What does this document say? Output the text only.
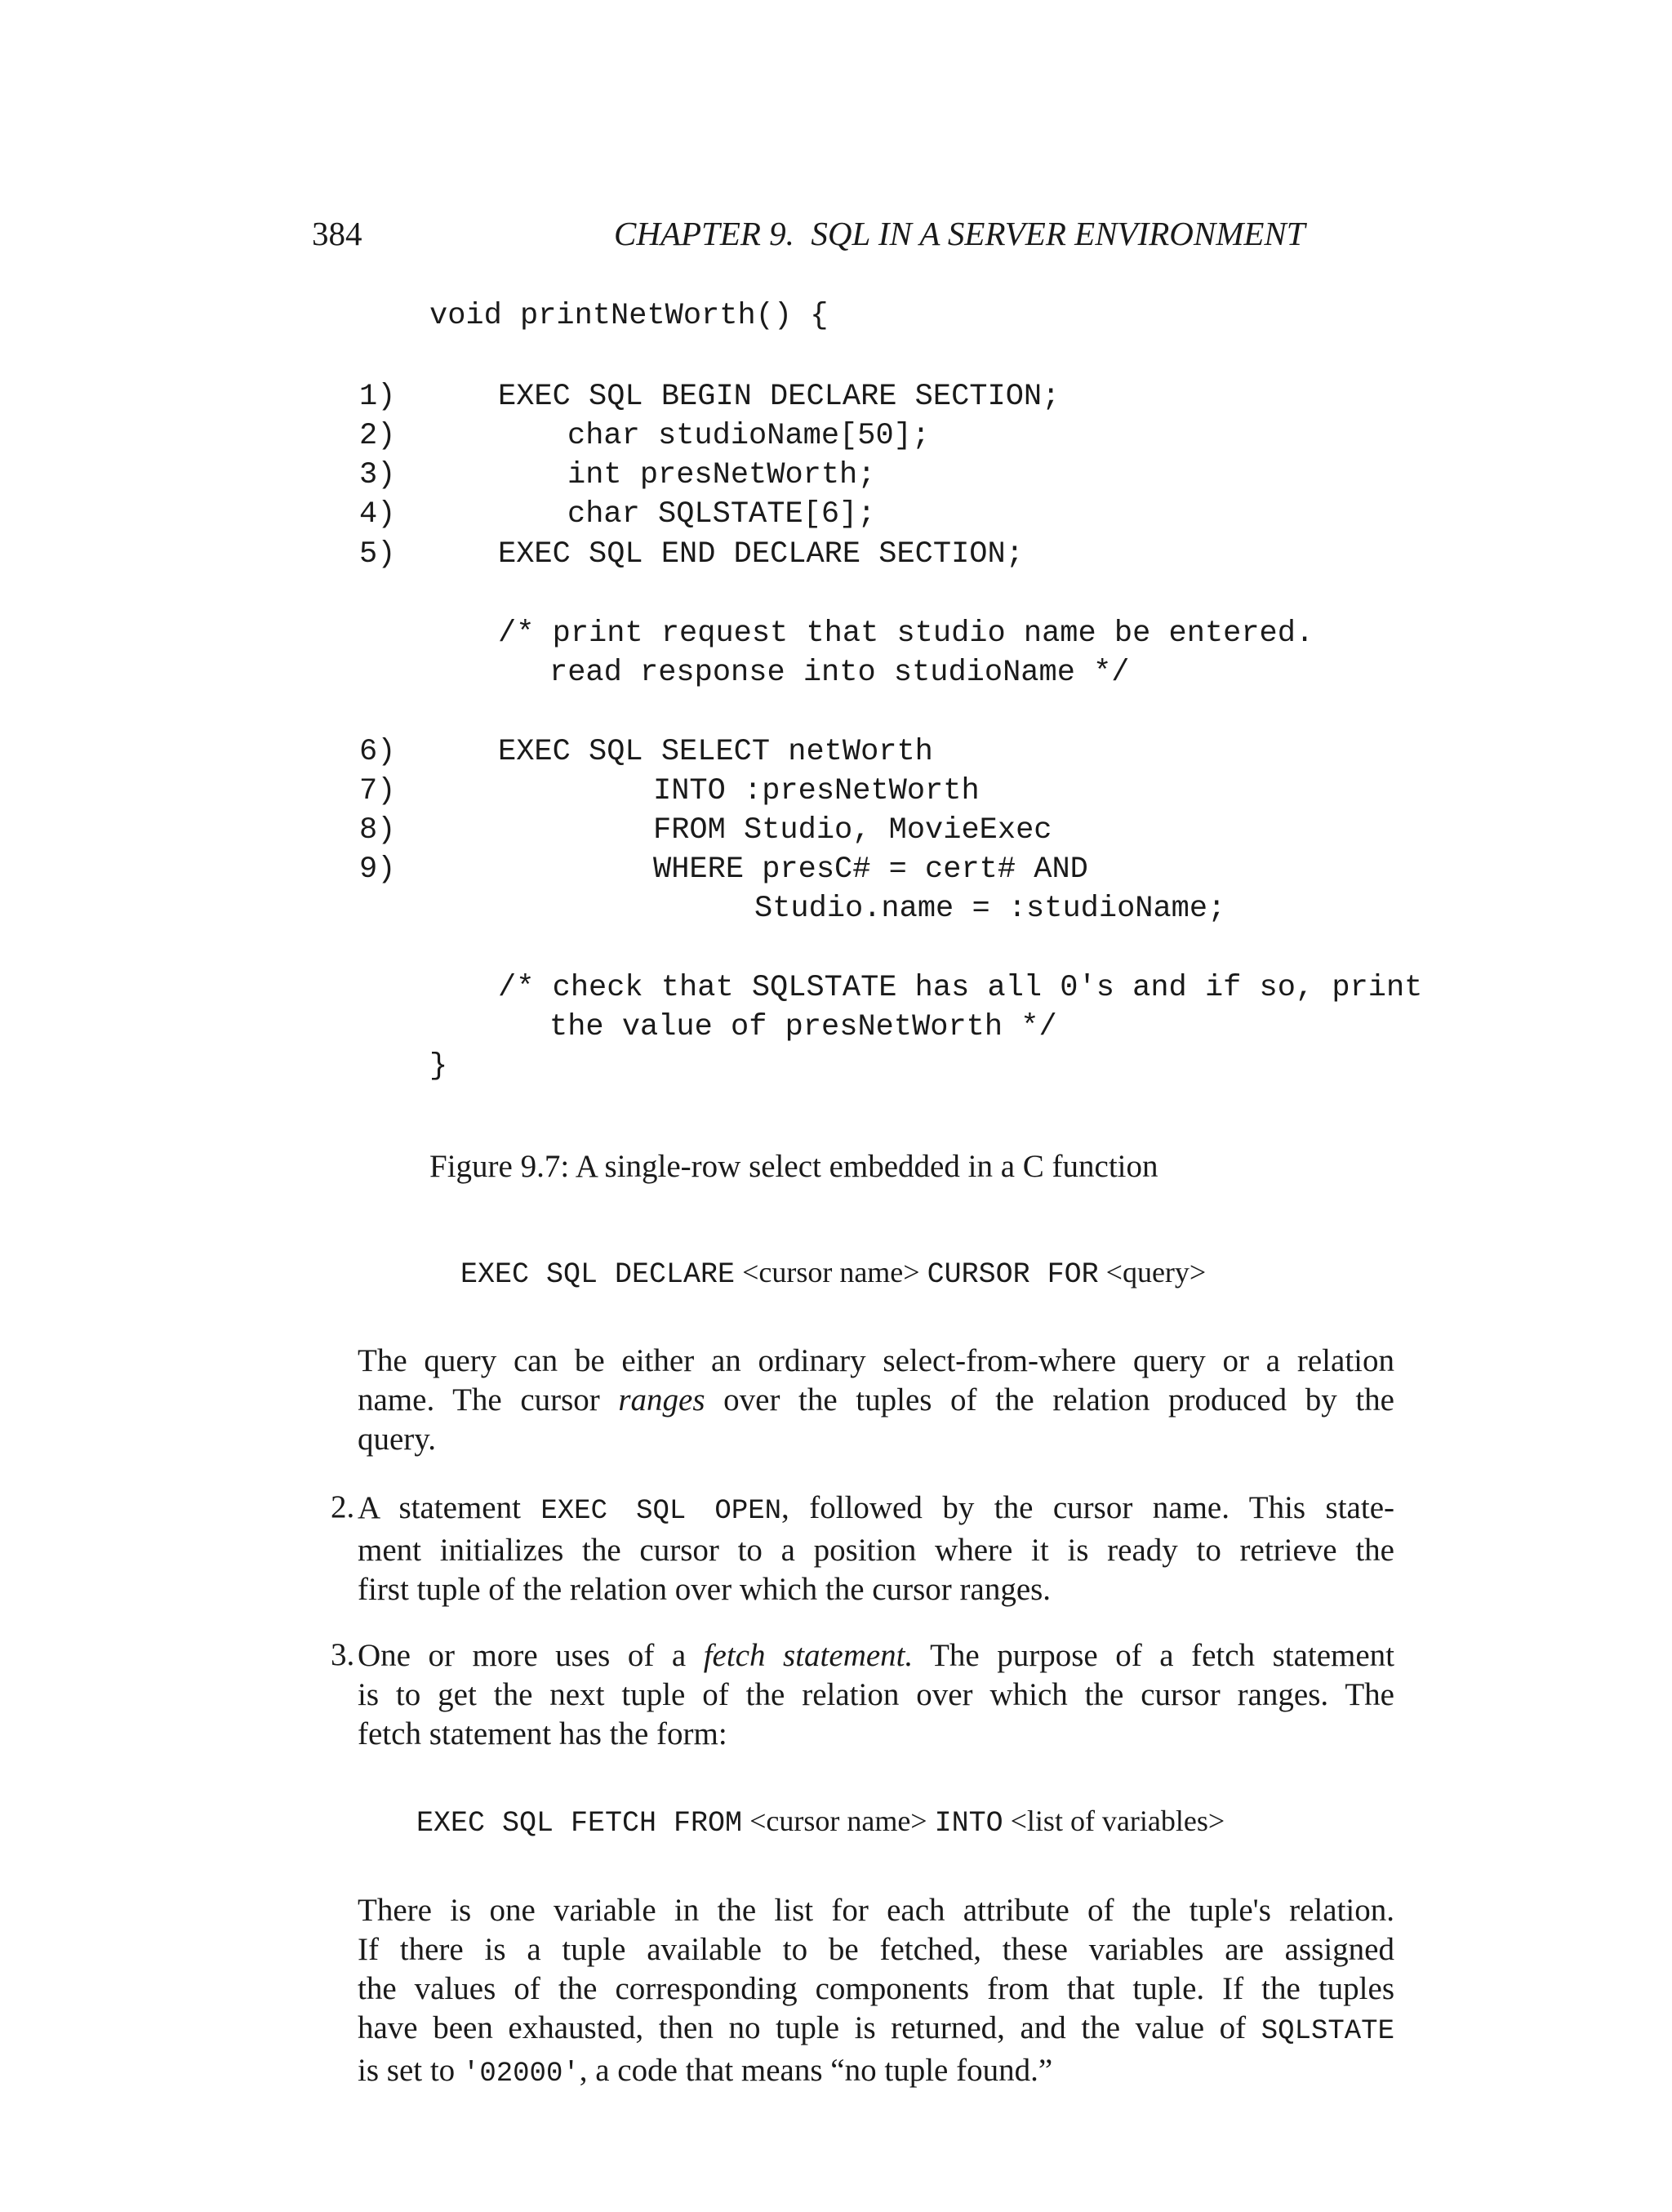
384	CHAPTER 9.  SQL IN A SERVER ENVIRONMENT
void printNetWorth() {
1)	EXEC SQL BEGIN DECLARE SECTION;
2)	char studioName[50];
3)	int presNetWorth;
4)	char SQLSTATE[6];
5)	EXEC SQL END DECLARE SECTION;
/* print request that studio name be entered.
read response into studioName */
6)	EXEC SQL SELECT netWorth
7)	INTO :presNetWorth
8)	FROM Studio, MovieExec
9)	WHERE presC# = cert# AND
Studio.name = :studioName;
/* check that SQLSTATE has all 0's and if so, print
the value of presNetWorth */
}
Figure 9.7: A single-row select embedded in a C function
EXEC SQL DECLARE <cursor name> CURSOR FOR <query>
The query can be either an ordinary select-from-where query or a relation
name. The cursor ranges over the tuples of the relation produced by the
query.
2. A statement EXEC SQL OPEN, followed by the cursor name. This state-
ment initializes the cursor to a position where it is ready to retrieve the
first tuple of the relation over which the cursor ranges.
3. One or more uses of a fetch statement. The purpose of a fetch statement
is to get the next tuple of the relation over which the cursor ranges. The
fetch statement has the form:
EXEC SQL FETCH FROM <cursor name> INTO <list of variables>
There is one variable in the list for each attribute of the tuple's relation.
If there is a tuple available to be fetched, these variables are assigned
the values of the corresponding components from that tuple. If the tuples
have been exhausted, then no tuple is returned, and the value of SQLSTATE
is set to '02000', a code that means “no tuple found.”
